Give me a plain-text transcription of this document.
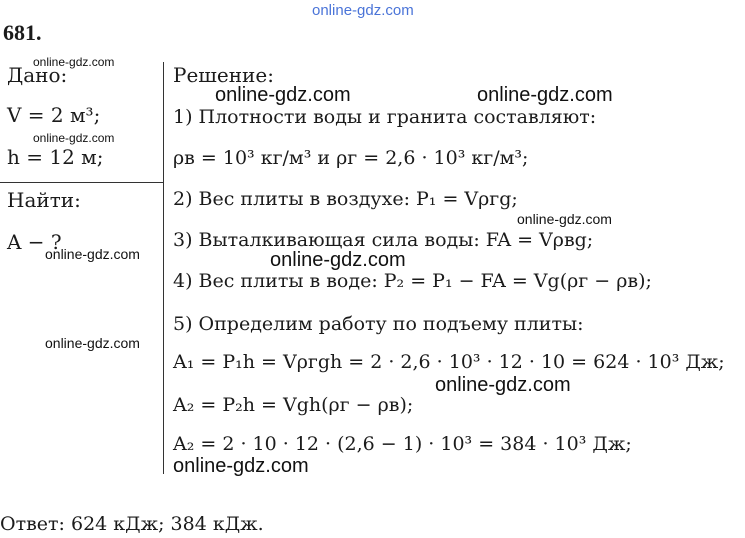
online-gdz.com
681.
online-gdz.com
Дано:
V = 2 м³;
online-gdz.com
h = 12 м;
Найти:
A − ?
online-gdz.com
online-gdz.com
Решение:
online-gdz.com	online-gdz.com
1) Плотности воды и гранита составляют:
ρв = 10³ кг/м³ и ρг = 2,6 · 10³ кг/м³;
2) Вес плиты в воздухе: P₁ = Vρгg;
online-gdz.com
3) Выталкивающая сила воды: FA = Vρвg;
online-gdz.com
4) Вес плиты в воде: P₂ = P₁ − FA = Vg(ρг − ρв);
5) Определим работу по подъему плиты:
A₁ = P₁h = Vρгgh = 2 · 2,6 · 10³ · 12 · 10 = 624 · 10³ Дж;
online-gdz.com
A₂ = P₂h = Vgh(ρг − ρв);
A₂ = 2 · 10 · 12 · (2,6 − 1) · 10³ = 384 · 10³ Дж;
online-gdz.com
Ответ: 624 кДж; 384 кДж.
